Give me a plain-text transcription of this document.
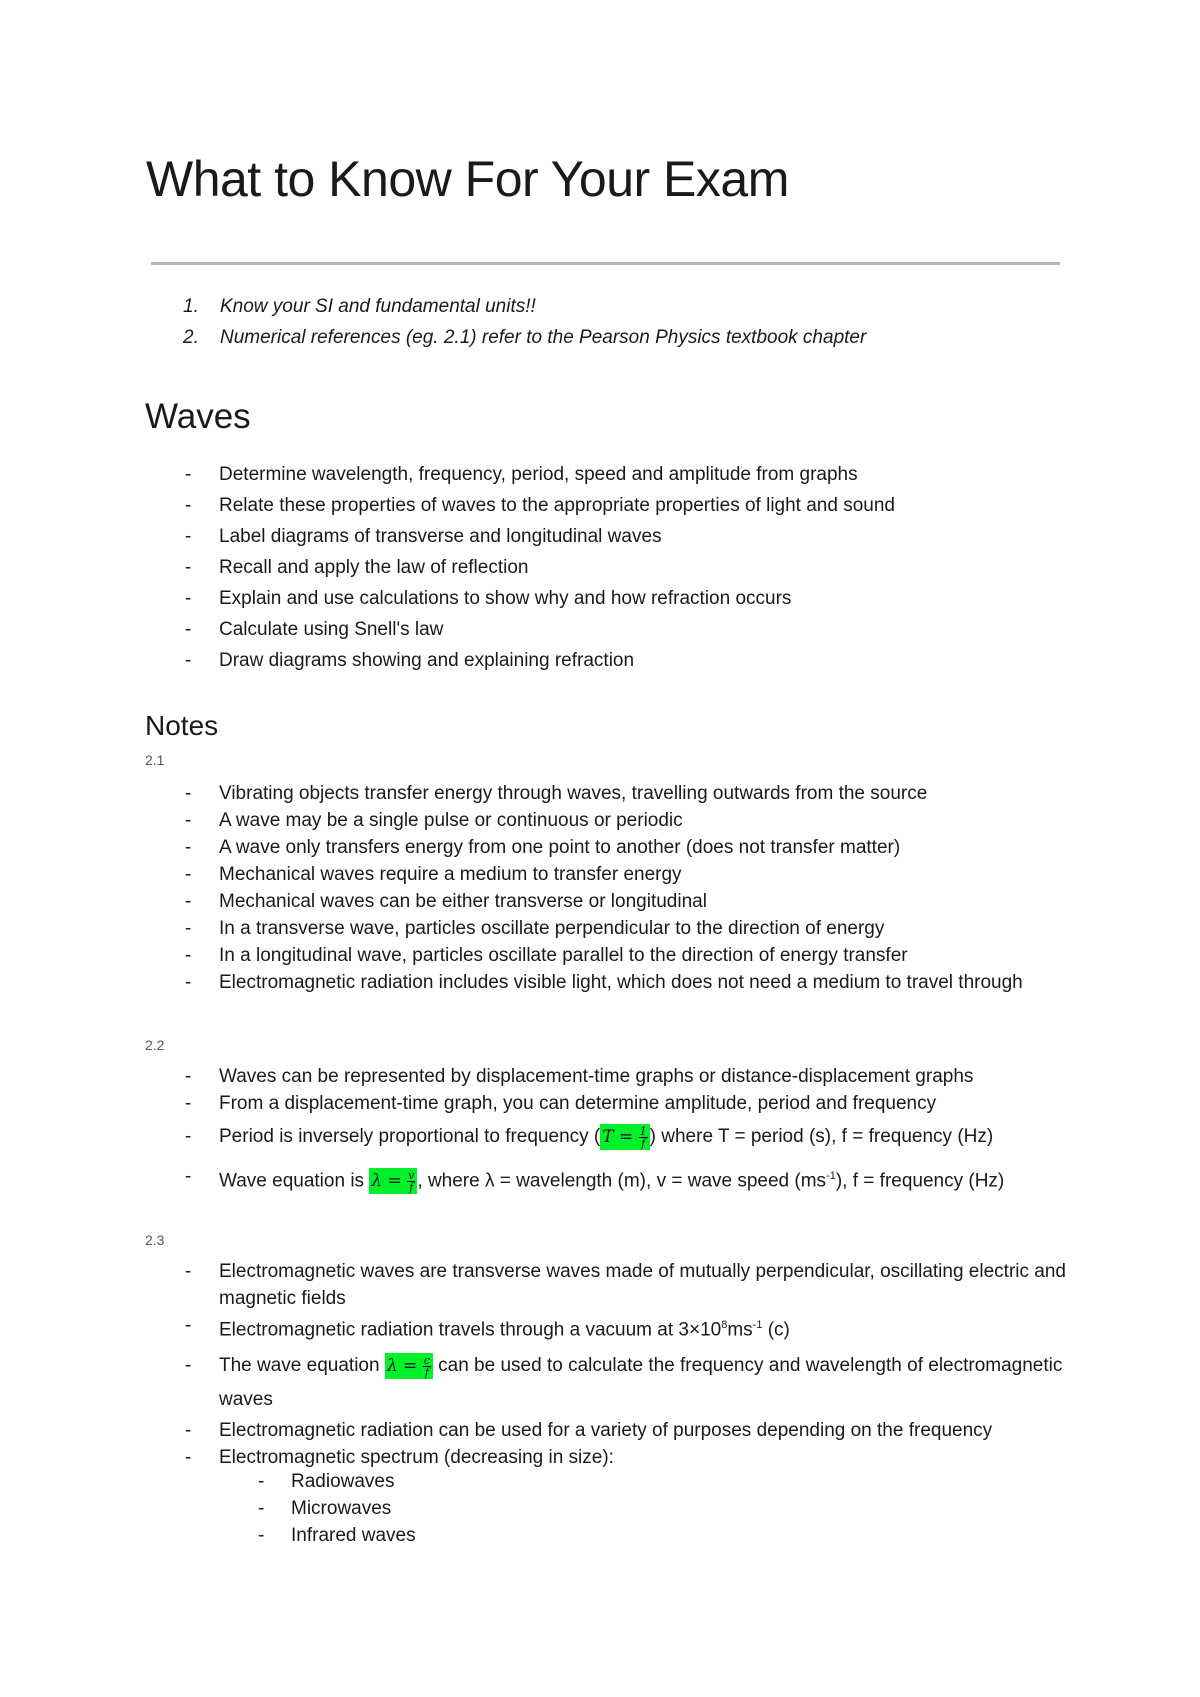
What to Know For Your Exam
1. Know your SI and fundamental units!!
2. Numerical references (eg. 2.1) refer to the Pearson Physics textbook chapter
Waves
- Determine wavelength, frequency, period, speed and amplitude from graphs
- Relate these properties of waves to the appropriate properties of light and sound
- Label diagrams of transverse and longitudinal waves
- Recall and apply the law of reflection
- Explain and use calculations to show why and how refraction occurs
- Calculate using Snell's law
- Draw diagrams showing and explaining refraction
Notes
2.1
- Vibrating objects transfer energy through waves, travelling outwards from the source
- A wave may be a single pulse or continuous or periodic
- A wave only transfers energy from one point to another (does not transfer matter)
- Mechanical waves require a medium to transfer energy
- Mechanical waves can be either transverse or longitudinal
- In a transverse wave, particles oscillate perpendicular to the direction of energy
- In a longitudinal wave, particles oscillate parallel to the direction of energy transfer
- Electromagnetic radiation includes visible light, which does not need a medium to travel through
2.2
- Waves can be represented by displacement-time graphs or distance-displacement graphs
- From a displacement-time graph, you can determine amplitude, period and frequency
- Period is inversely proportional to frequency ( $T = \frac{1}{f}$ ) where T = period (s), f = frequency (Hz)
- Wave equation is $\lambda = \frac{v}{f}$ , where λ = wavelength (m), v = wave speed $(ms^{-1})$, f = frequency (Hz)
2.3
- Electromagnetic waves are transverse waves made of mutually perpendicular, oscillating electric and magnetic fields
- Electromagnetic radiation travels through a vacuum at $3\times 10^8ms^{-1}$ (c)
- The wave equation $\lambda = \frac{c}{f}$ can be used to calculate the frequency and wavelength of electromagnetic waves
- Electromagnetic radiation can be used for a variety of purposes depending on the frequency
- Electromagnetic spectrum (decreasing in size):
- Radiowaves
- Microwaves
- Infrared waves
